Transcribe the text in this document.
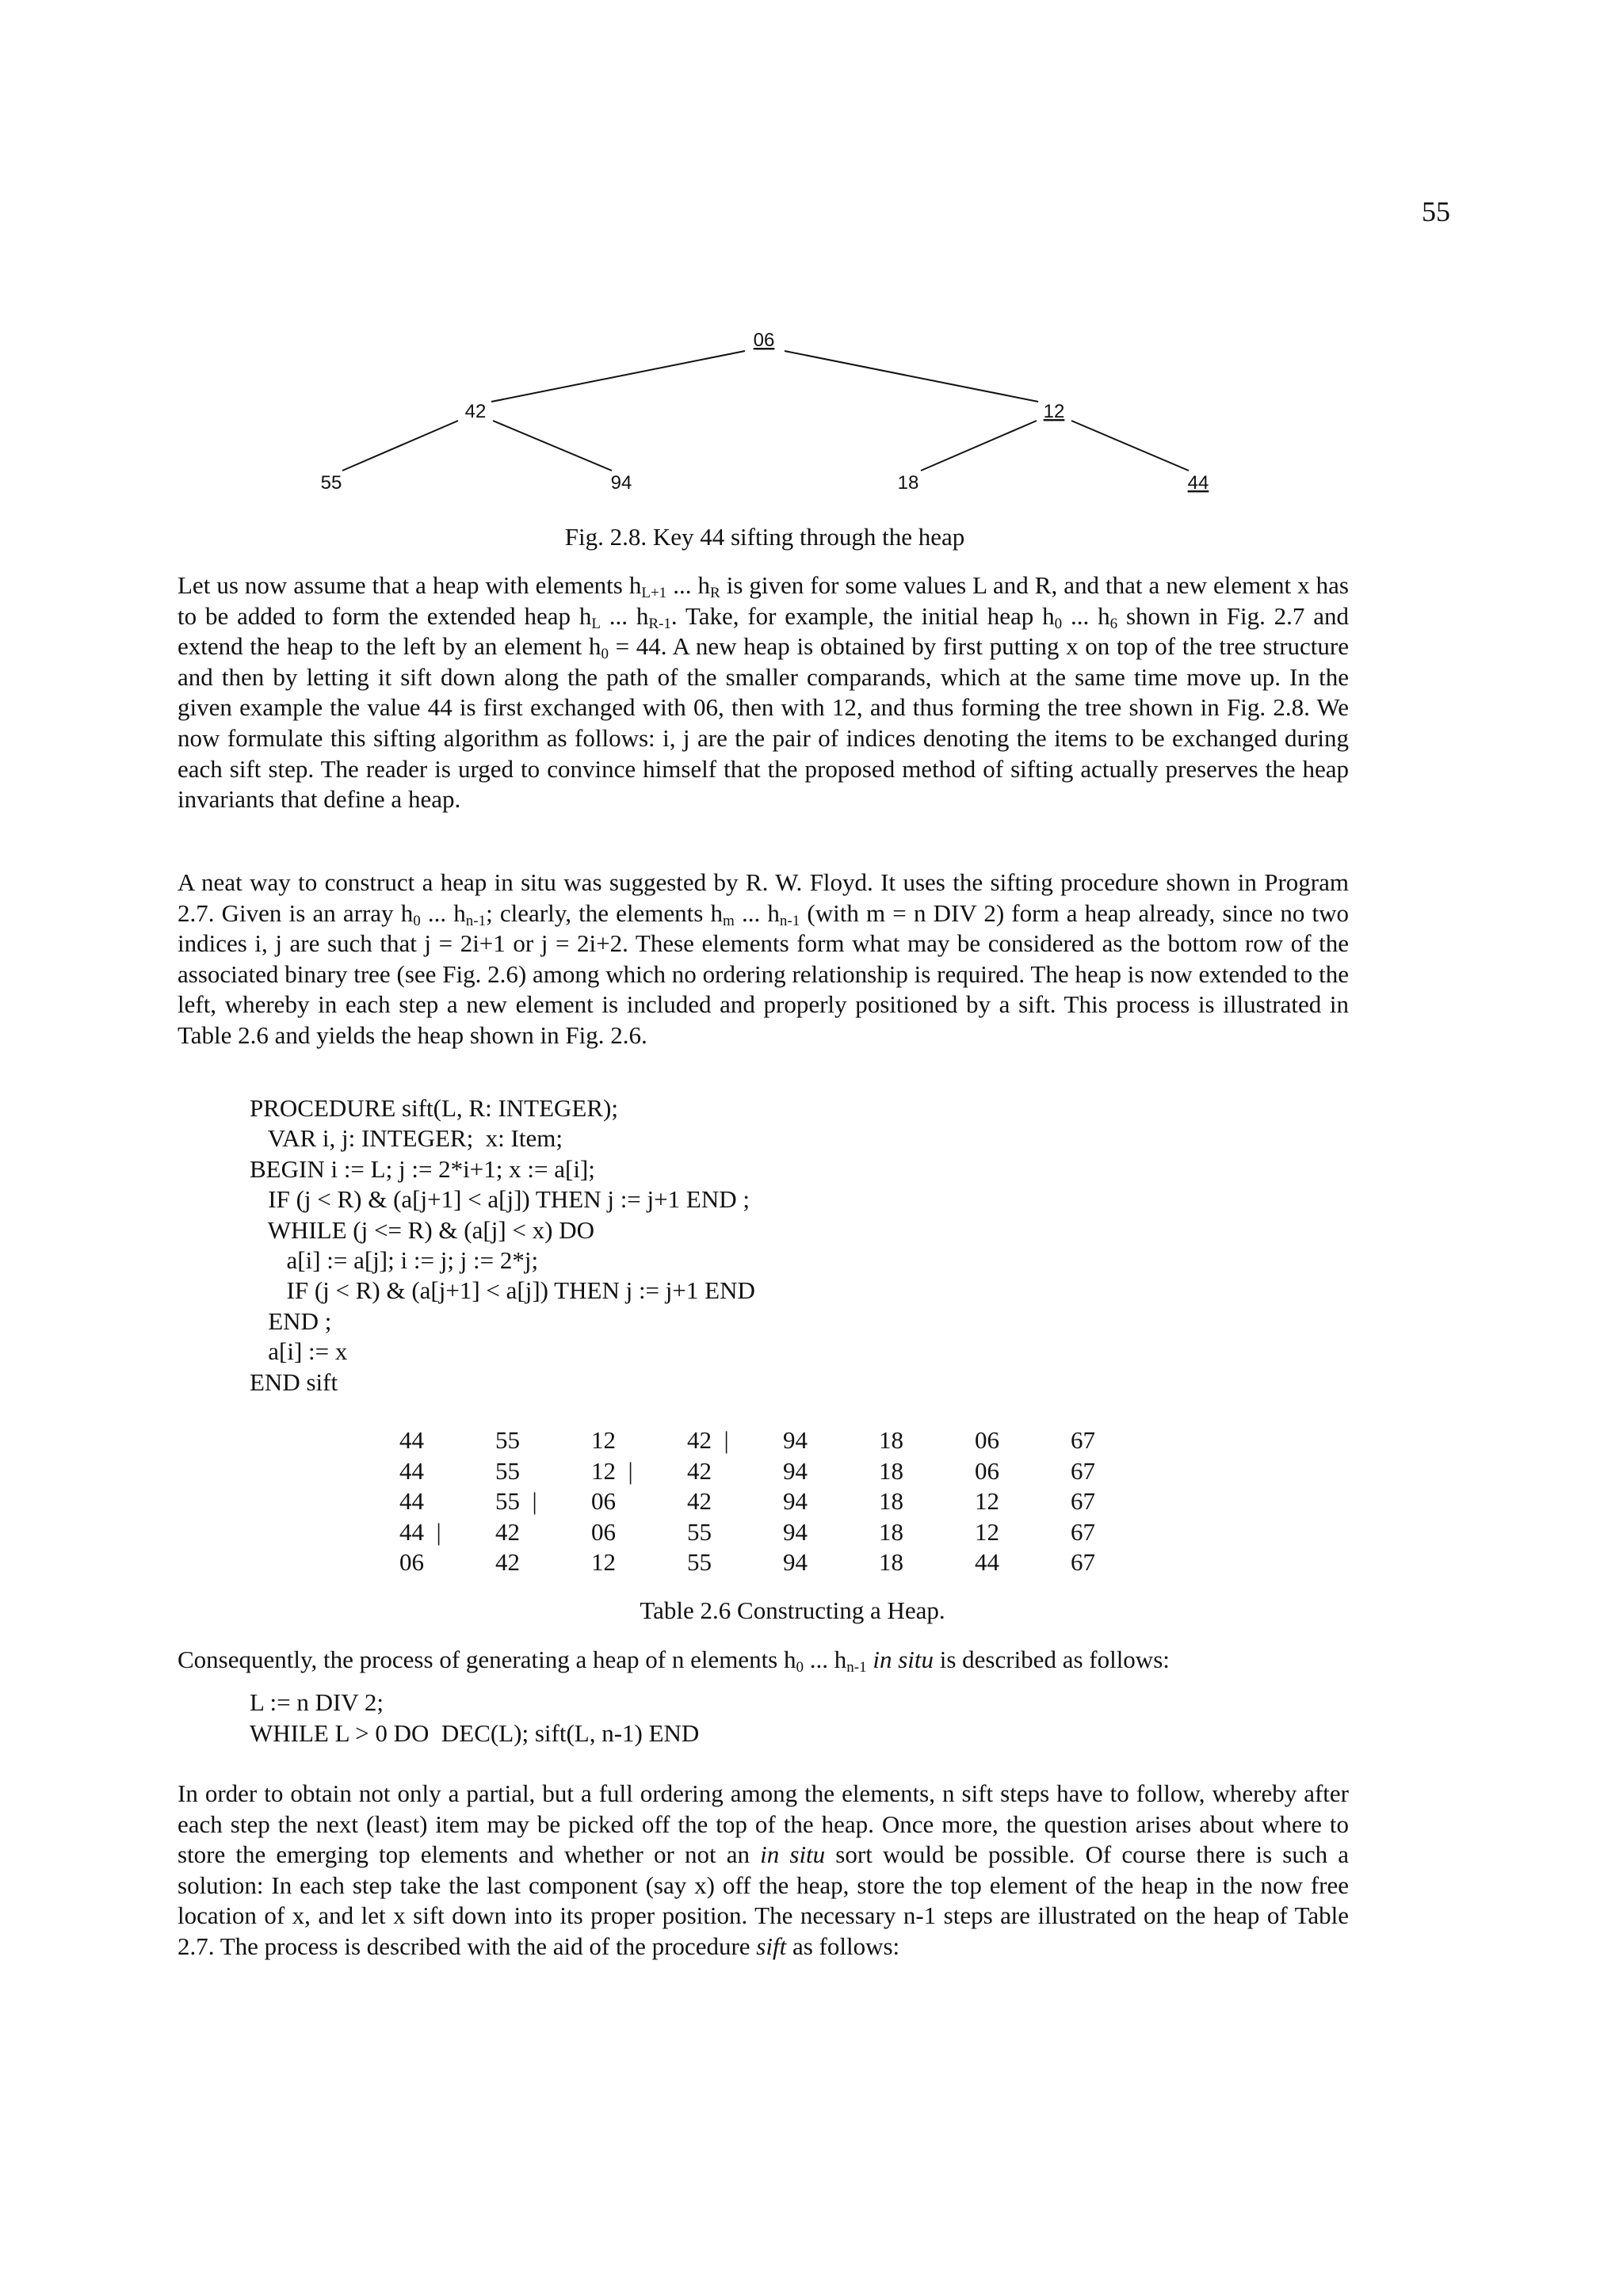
55
06
42	12
55	94	18	44
Fig. 2.8. Key 44 sifting through the heap

Let us now assume that a heap with elements $h_{L+1}$ ... $h_R$ is given for some values L and R, and that a new element x has to be added to form the extended heap $h_L$ ... $h_{R-1}$. Take, for example, the initial heap $h_0$ ... $h_6$ shown in Fig. 2.7 and extend the heap to the left by an element $h_0 = 44$. A new heap is obtained by first putting x on top of the tree structure and then by letting it sift down along the path of the smaller comparands, which at the same time move up. In the given example the value 44 is first exchanged with 06, then with 12, and thus forming the tree shown in Fig. 2.8. We now formulate this sifting algorithm as follows: i, j are the pair of indices denoting the items to be exchanged during each sift step. The reader is urged to convince himself that the proposed method of sifting actually preserves the heap invariants that define a heap.

A neat way to construct a heap in situ was suggested by R. W. Floyd. It uses the sifting procedure shown in Program 2.7. Given is an array $h_0$ ... $h_{n-1}$; clearly, the elements $h_m$ ... $h_{n-1}$ (with m = n DIV 2) form a heap already, since no two indices i, j are such that j = 2i+1 or j = 2i+2. These elements form what may be considered as the bottom row of the associated binary tree (see Fig. 2.6) among which no ordering relationship is required. The heap is now extended to the left, whereby in each step a new element is included and properly positioned by a sift. This process is illustrated in Table 2.6 and yields the heap shown in Fig. 2.6.

PROCEDURE sift(L, R: INTEGER);
VAR i, j: INTEGER;  x: Item;
BEGIN i := L; j := 2*i+1; x := a[i];
IF (j < R) & (a[j+1] < a[j]) THEN j := j+1 END ;
WHILE (j <= R) & (a[j] < x) DO
a[i] := a[j]; i := j; j := 2*j;
IF (j < R) & (a[j+1] < a[j]) THEN j := j+1 END
END ;
a[i] := x
END sift
44	55	12	42  |	94	18	06	67
44	55	12  |	42	94	18	06	67
44	55  |	06	42	94	18	12	67
44  |	42	06	55	94	18	12	67
06	42	12	55	94	18	44	67
Table 2.6 Constructing a Heap.

Consequently, the process of generating a heap of n elements $h_0$ ... $h_{n-1}$ in situ is described as follows:

L := n DIV 2;
WHILE L > 0 DO  DEC(L); sift(L, n-1) END

In order to obtain not only a partial, but a full ordering among the elements, n sift steps have to follow, whereby after each step the next (least) item may be picked off the top of the heap. Once more, the question arises about where to store the emerging top elements and whether or not an in situ sort would be possible. Of course there is such a solution: In each step take the last component (say x) off the heap, store the top element of the heap in the now free location of x, and let x sift down into its proper position. The necessary n-1 steps are illustrated on the heap of Table 2.7. The process is described with the aid of the procedure sift as follows:
